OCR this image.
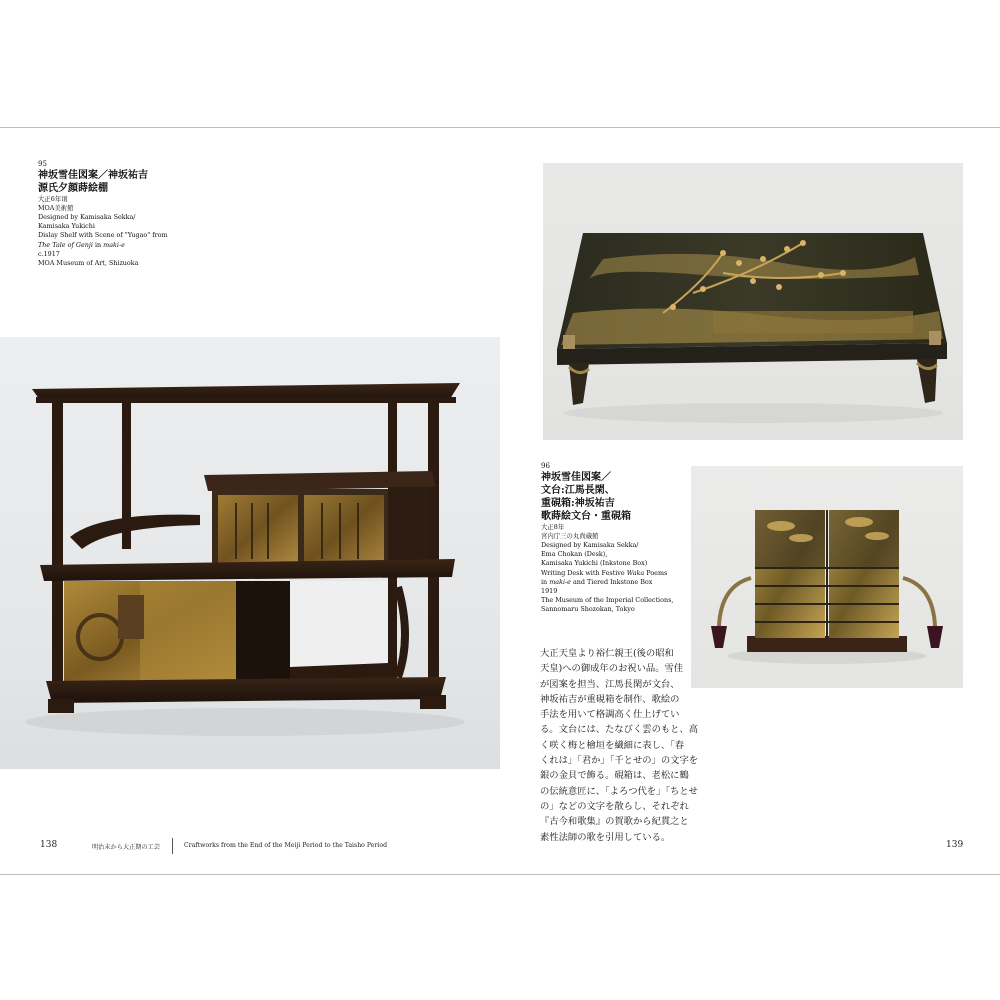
95
神坂雪佳図案／神坂祐吉
源氏夕顔蒔絵棚
大正6年頃
MOA美術館
Designed by Kamisaka Sekka/
Kamisaka Yukichi
Dislay Shelf with Scene of "Yugao" from
The Tale of Genji in maki-e
c.1917
MOA Museum of Art, Shizuoka
96
神坂雪佳図案／
文台:江馬長閑、
重硯箱:神坂祐吉
歌蒔絵文台・重硯箱
大正8年
宮内庁三の丸尚蔵館
Designed by Kamisaka Sekka/
Ema Chokan (Desk),
Kamisaka Yukichi (Inkstone Box)
Writing Desk with Festive Waka Poems
in maki-e and Tiered Inkstone Box
1919
The Museum of the Imperial Collections,
Sannomaru Shozokan, Tokyo
大正天皇より裕仁親王(後の昭和
天皇)への御成年のお祝い品。雪佳
が図案を担当、江馬長閑が文台、
神坂祐吉が重硯箱を制作、歌絵の
手法を用いて格調高く仕上げてい
る。文台には、たなびく雲のもと、高
く咲く梅と檜垣を繊細に表し、「春
くれは」「君か」「千とせの」の文字を
銀の金貝で飾る。硯箱は、老松に鶴
の伝統意匠に、「よろつ代を」「ちとせ
の」などの文字を散らし、それぞれ
『古今和歌集』の賀歌から紀貫之と
素性法師の歌を引用している。
138	明治末から大正期の工芸	Craftworks from the End of the Meiji Period to the Taisho Period	139
